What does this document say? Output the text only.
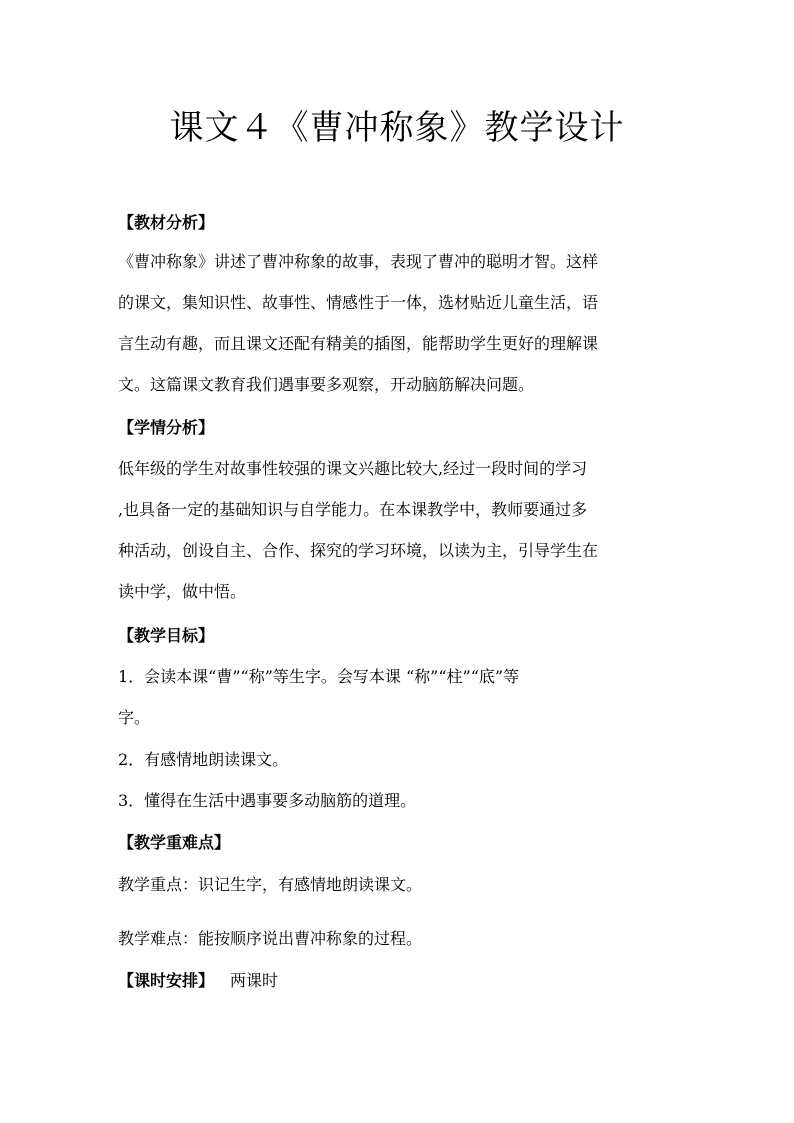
课文４《曹冲称象》教学设计
【教材分析】
《曹冲称象》讲述了曹冲称象的故事，表现了曹冲的聪明才智。这样
的课文，集知识性、故事性、情感性于一体，选材贴近儿童生活，语
言生动有趣，而且课文还配有精美的插图，能帮助学生更好的理解课
文。这篇课文教育我们遇事要多观察，开动脑筋解决问题。
【学情分析】
低年级的学生对故事性较强的课文兴趣比较大,经过一段时间的学习
,也具备一定的基础知识与自学能力。在本课教学中，教师要通过多
种活动，创设自主、合作、探究的学习环境，以读为主，引导学生在
读中学，做中悟。
【教学目标】
1．会读本课“曹”“称”等生字。会写本课 “称”“柱”“底”等
字。
2．有感情地朗读课文。
3．懂得在生活中遇事要多动脑筋的道理。
【教学重难点】
教学重点：识记生字，有感情地朗读课文。
教学难点：能按顺序说出曹冲称象的过程。
【课时安排】 两课时
